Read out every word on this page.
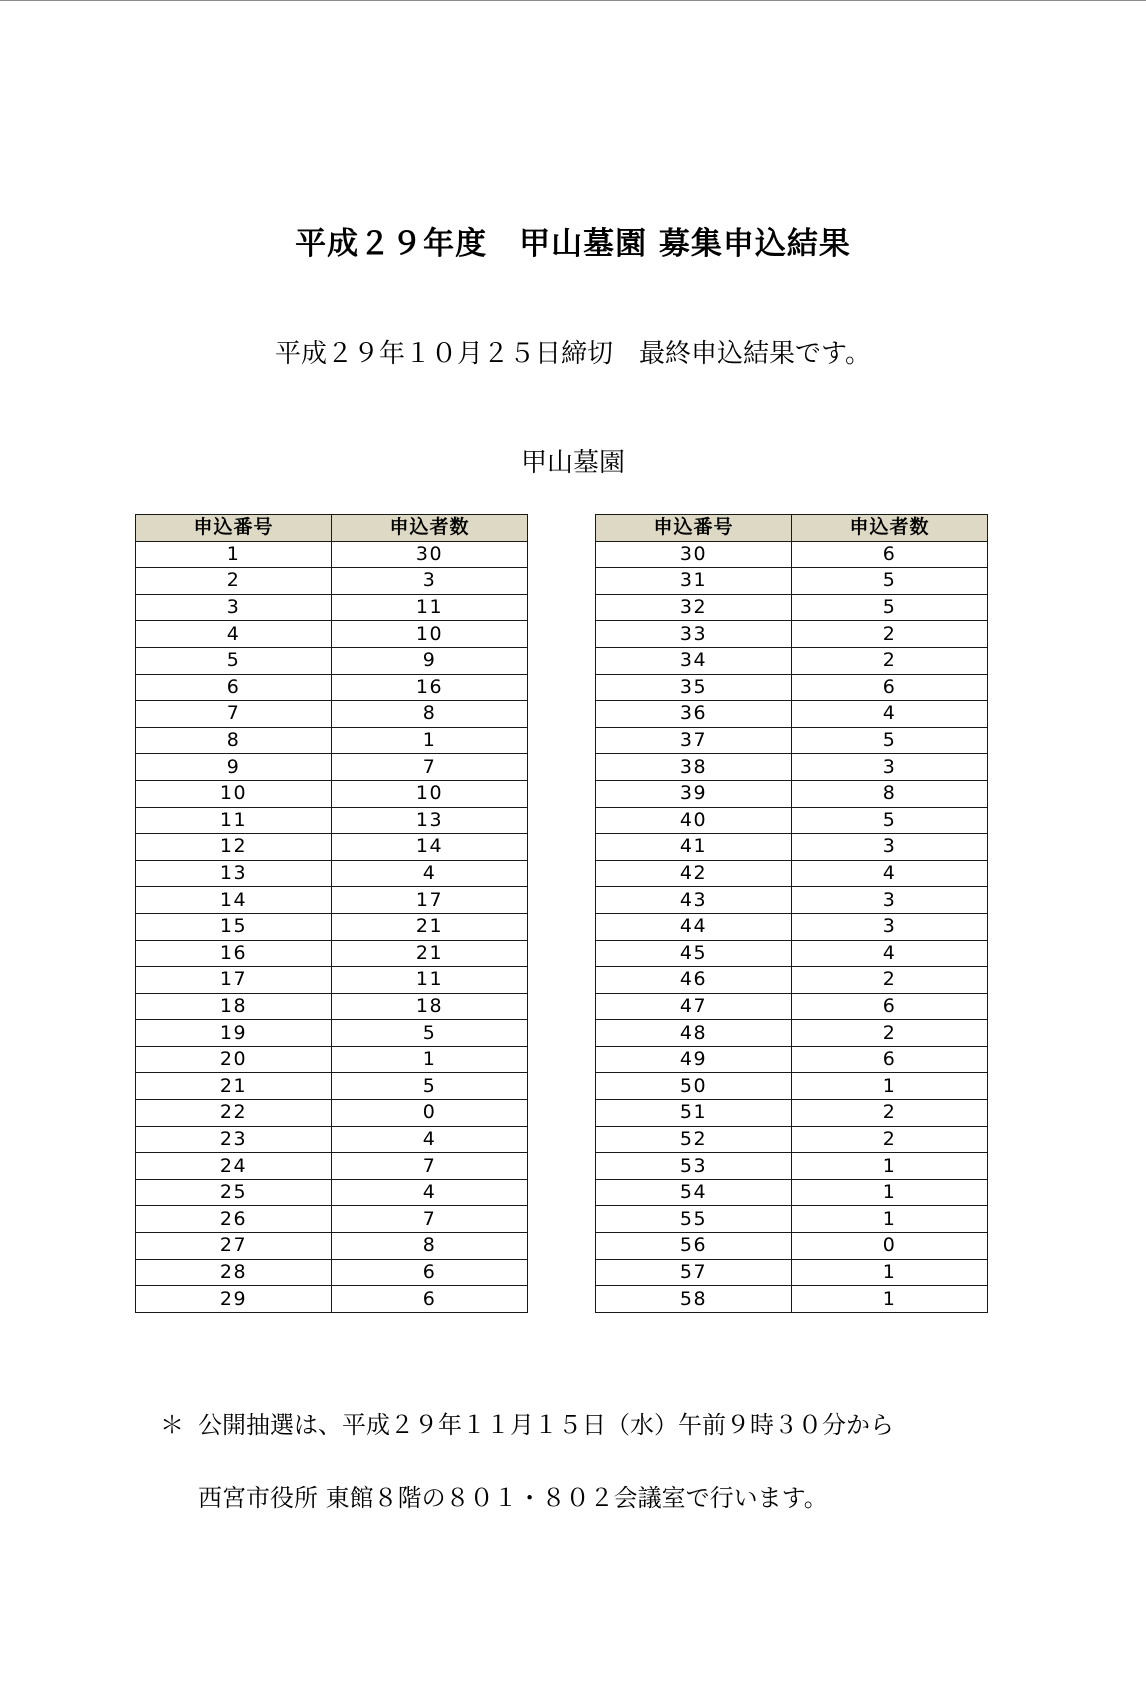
平成２９年度　甲山墓園 募集申込結果
平成２９年１０月２５日締切　最終申込結果です。
甲山墓園
申込番号	申込者数
1	30
2	3
3	11
4	10
5	9
6	16
7	8
8	1
9	7
10	10
11	13
12	14
13	4
14	17
15	21
16	21
17	11
18	18
19	5
20	1
21	5
22	0
23	4
24	7
25	4
26	7
27	8
28	6
29	6
申込番号	申込者数
30	6
31	5
32	5
33	2
34	2
35	6
36	4
37	5
38	3
39	8
40	5
41	3
42	4
43	3
44	3
45	4
46	2
47	6
48	2
49	6
50	1
51	2
52	2
53	1
54	1
55	1
56	0
57	1
58	1
＊ 公開抽選は、平成２９年１１月１５日（水）午前９時３０分から
西宮市役所 東館８階の８０１・８０２会議室で行います。
